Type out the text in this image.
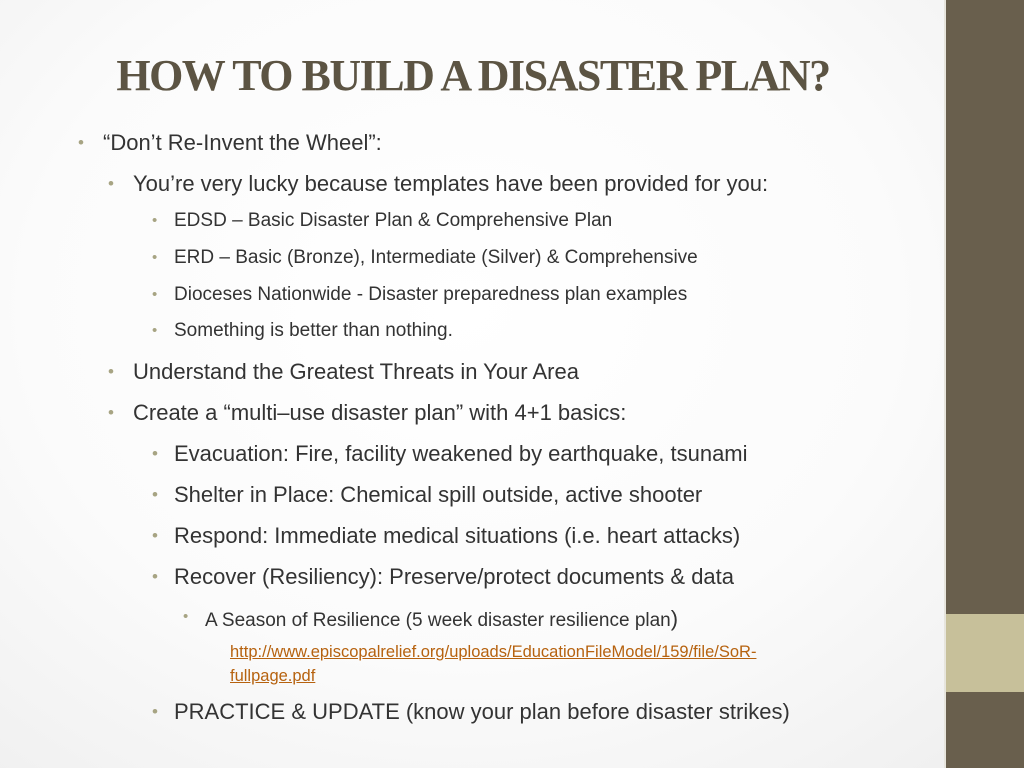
HOW TO BUILD A DISASTER PLAN?
• “Don’t Re-Invent the Wheel”:
• You’re very lucky because templates have been provided for you:
• EDSD – Basic Disaster Plan & Comprehensive Plan
• ERD – Basic (Bronze), Intermediate (Silver) & Comprehensive
• Dioceses Nationwide - Disaster preparedness plan examples
• Something is better than nothing.
• Understand the Greatest Threats in Your Area
• Create a “multi–use disaster plan” with 4+1 basics:
• Evacuation: Fire, facility weakened by earthquake, tsunami
• Shelter in Place: Chemical spill outside, active shooter
• Respond: Immediate medical situations (i.e. heart attacks)
• Recover (Resiliency): Preserve/protect documents & data
• A Season of Resilience (5 week disaster resilience plan)
http://www.episcopalrelief.org/uploads/EducationFileModel/159/file/SoR-
fullpage.pdf
• PRACTICE & UPDATE (know your plan before disaster strikes)
